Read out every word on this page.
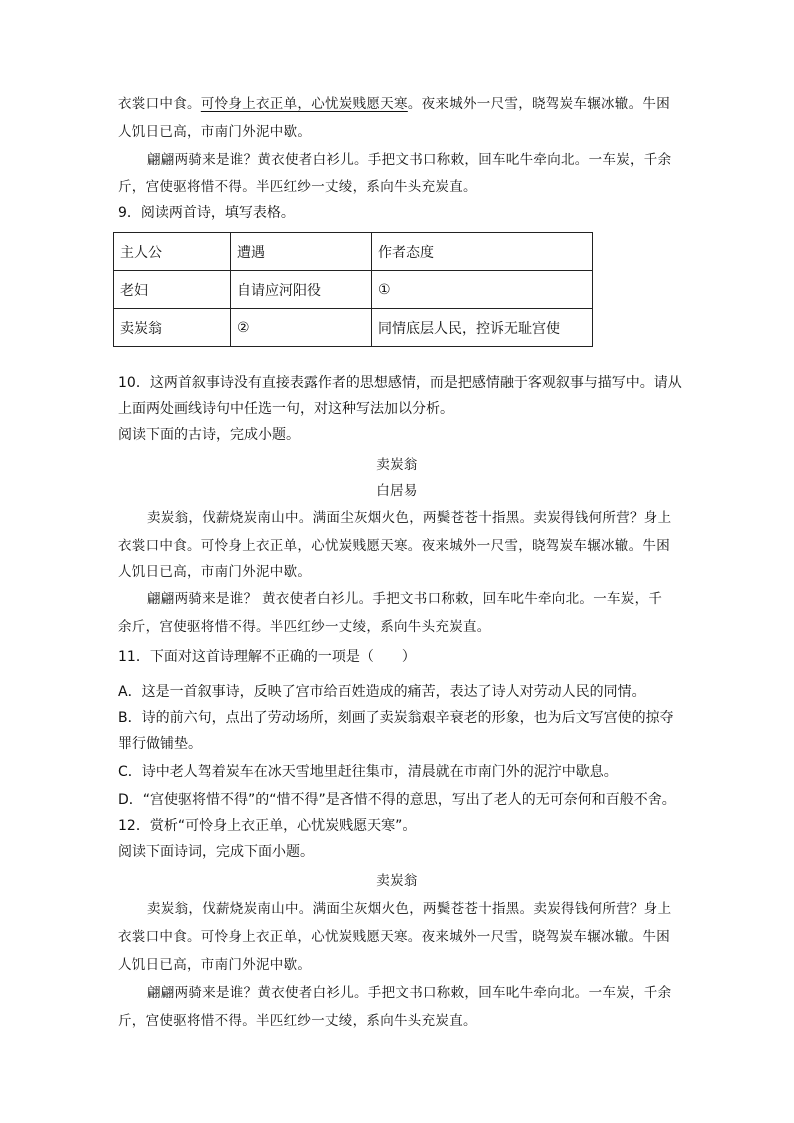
衣裳口中食。可怜身上衣正单，心忧炭贱愿天寒。夜来城外一尺雪，晓驾炭车辗冰辙。牛困
人饥日已高，市南门外泥中歇。
翩翩两骑来是谁？黄衣使者白衫儿。手把文书口称敕，回车叱牛牵向北。一车炭，千余
斤，宫使驱将惜不得。半匹红纱一丈绫，系向牛头充炭直。
9．阅读两首诗，填写表格。
主人公	遭遇	作者态度
老妇	自请应河阳役	①
卖炭翁	②	同情底层人民，控诉无耻宫使
10．这两首叙事诗没有直接表露作者的思想感情，而是把感情融于客观叙事与描写中。请从
上面两处画线诗句中任选一句，对这种写法加以分析。
阅读下面的古诗，完成小题。
卖炭翁
白居易
卖炭翁，伐薪烧炭南山中。满面尘灰烟火色，两鬓苍苍十指黑。卖炭得钱何所营？身上
衣裳口中食。可怜身上衣正单，心忧炭贱愿天寒。夜来城外一尺雪，晓驾炭车辗冰辙。牛困
人饥日已高，市南门外泥中歇。
翩翩两骑来是谁？ 黄衣使者白衫儿。手把文书口称敕，回车叱牛牵向北。一车炭，千
余斤，宫使驱将惜不得。半匹红纱一丈绫，系向牛头充炭直。
11．下面对这首诗理解不正确的一项是（　　）
A．这是一首叙事诗，反映了宫市给百姓造成的痛苦，表达了诗人对劳动人民的同情。
B．诗的前六句，点出了劳动场所，刻画了卖炭翁艰辛衰老的形象，也为后文写宫使的掠夺
罪行做铺垫。
C．诗中老人驾着炭车在冰天雪地里赶往集市，清晨就在市南门外的泥泞中歇息。
D．“宫使驱将惜不得”的“惜不得”是吝惜不得的意思，写出了老人的无可奈何和百般不舍。
12．赏析“可怜身上衣正单，心忧炭贱愿天寒”。
阅读下面诗词，完成下面小题。
卖炭翁
卖炭翁，伐薪烧炭南山中。满面尘灰烟火色，两鬓苍苍十指黑。卖炭得钱何所营？身上
衣裳口中食。可怜身上衣正单，心忧炭贱愿天寒。夜来城外一尺雪，晓驾炭车辗冰辙。牛困
人饥日已高，市南门外泥中歇。
翩翩两骑来是谁？黄衣使者白衫儿。手把文书口称敕，回车叱牛牵向北。一车炭，千余
斤，宫使驱将惜不得。半匹红纱一丈绫，系向牛头充炭直。
